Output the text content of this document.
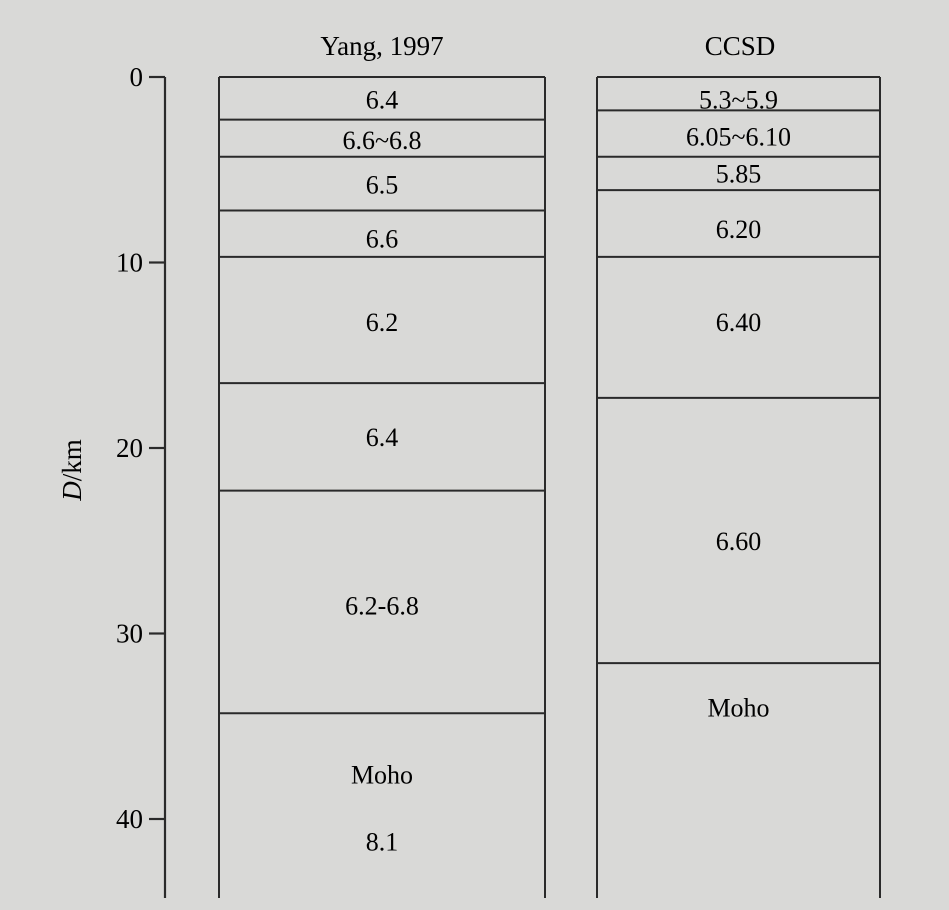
0
10
20
30
40
D/km
Yang, 1997
6.4
6.6~6.8
6.5
6.6
6.2
6.4
6.2-6.8
Moho
8.1
CCSD
5.3~5.9
6.05~6.10
5.85
6.20
6.40
6.60
Moho
